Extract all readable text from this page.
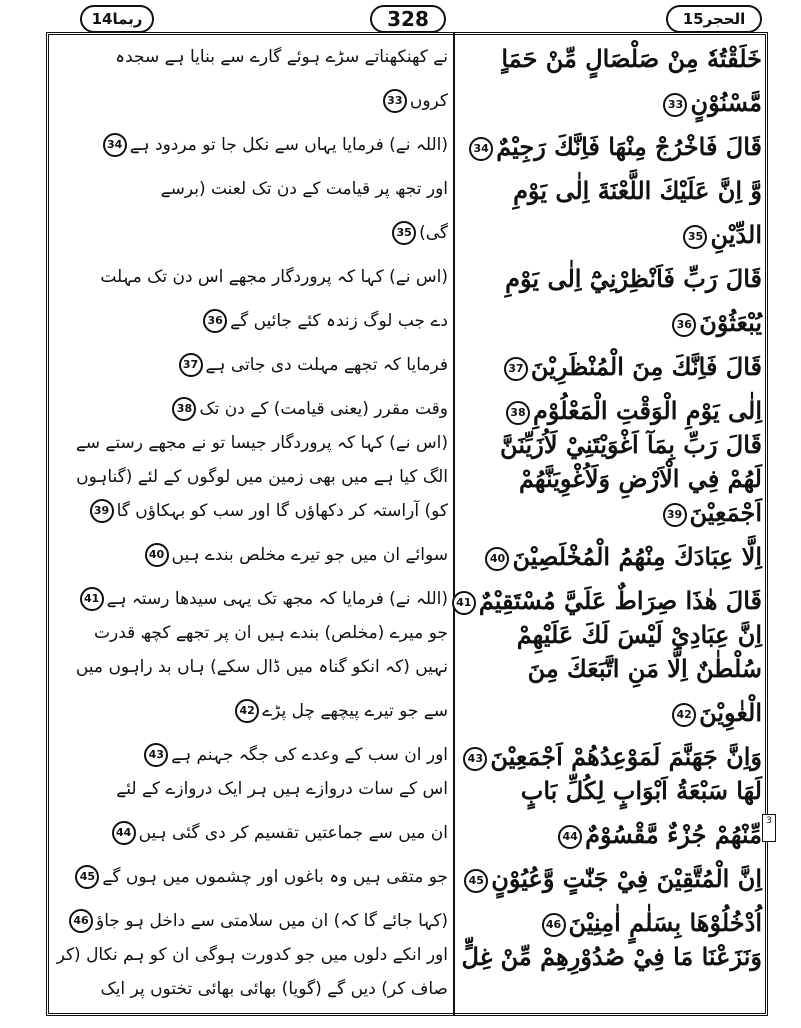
ربما14	328	الحجر15
3
خَلَقْتُهٗ مِنْ صَلْصَالٍ مِّنْ حَمَاٍ
نے کھنکھناتے سڑے ہوئے گارے سے بنایا ہے سجدہ
مَّسْنُوْنٍ33
کروں33
قَالَ فَاخْرُجْ مِنْهَا فَاِنَّكَ رَجِيْمٌ34
(اللہ نے) فرمایا یہاں سے نکل جا تو مردود ہے34
وَّ اِنَّ عَلَيْكَ اللَّعْنَةَ اِلٰى يَوْمِ
اور تجھ پر قیامت کے دن تک لعنت (برسے
الدِّيْنِ35
گی)35
قَالَ رَبِّ فَاَنْظِرْنِيْٓ اِلٰى يَوْمِ
(اس نے) کہا کہ پروردگار مجھے اس دن تک مہلت
يُبْعَثُوْنَ36
دے جب لوگ زندہ کئے جائیں گے36
قَالَ فَاِنَّكَ مِنَ الْمُنْظَرِيْنَ37
فرمایا کہ تجھے مہلت دی جاتی ہے37
اِلٰى يَوْمِ الْوَقْتِ الْمَعْلُوْمِ38
وقت مقرر (یعنی قیامت) کے دن تک38
قَالَ رَبِّ بِمَآ اَغْوَيْتَنِيْ لَاُزَيِّنَنَّ
(اس نے) کہا کہ پروردگار جیسا تو نے مجھے رستے سے
لَهُمْ فِي الْاَرْضِ وَلَاُغْوِيَنَّهُمْ
الگ کیا ہے میں بھی زمین میں لوگوں کے لئے (گناہوں
اَجْمَعِيْنَ39
کو) آراستہ کر دکھاؤں گا اور سب کو بہکاؤں گا39
اِلَّا عِبَادَكَ مِنْهُمُ الْمُخْلَصِيْنَ40
سوائے ان میں جو تیرے مخلص بندے ہیں40
قَالَ هٰذَا صِرَاطٌ عَلَيَّ مُسْتَقِيْمٌ41
(اللہ نے) فرمایا کہ مجھ تک یہی سیدھا رستہ ہے41
اِنَّ عِبَادِيْ لَيْسَ لَكَ عَلَيْهِمْ
جو میرے (مخلص) بندے ہیں ان پر تجھے کچھ قدرت
سُلْطٰنٌ اِلَّا مَنِ اتَّبَعَكَ مِنَ
نہیں (کہ انکو گناہ میں ڈال سکے) ہاں بد راہوں میں
الْغٰوِيْنَ42
سے جو تیرے پیچھے چل پڑے42
وَاِنَّ جَهَنَّمَ لَمَوْعِدُهُمْ اَجْمَعِيْنَ43
اور ان سب کے وعدے کی جگہ جہنم ہے43
لَهَا سَبْعَةُ اَبْوَابٍ لِكُلِّ بَابٍ
اس کے سات دروازے ہیں ہر ایک دروازے کے لئے
مِّنْهُمْ جُزْءٌ مَّقْسُوْمٌ44
ان میں سے جماعتیں تقسیم کر دی گئی ہیں44
اِنَّ الْمُتَّقِيْنَ فِيْ جَنّٰتٍ وَّعُيُوْنٍ45
جو متقی ہیں وہ باغوں اور چشموں میں ہوں گے45
اُدْخُلُوْهَا بِسَلٰمٍ اٰمِنِيْنَ46
(کہا جائے گا کہ) ان میں سلامتی سے داخل ہو جاؤ46
وَنَزَعْنَا مَا فِيْ صُدُوْرِهِمْ مِّنْ غِلٍّ
اور انکے دلوں میں جو کدورت ہوگی ان کو ہم نکال (کر
صاف کر) دیں گے (گویا) بھائی بھائی تختوں پر ایک
